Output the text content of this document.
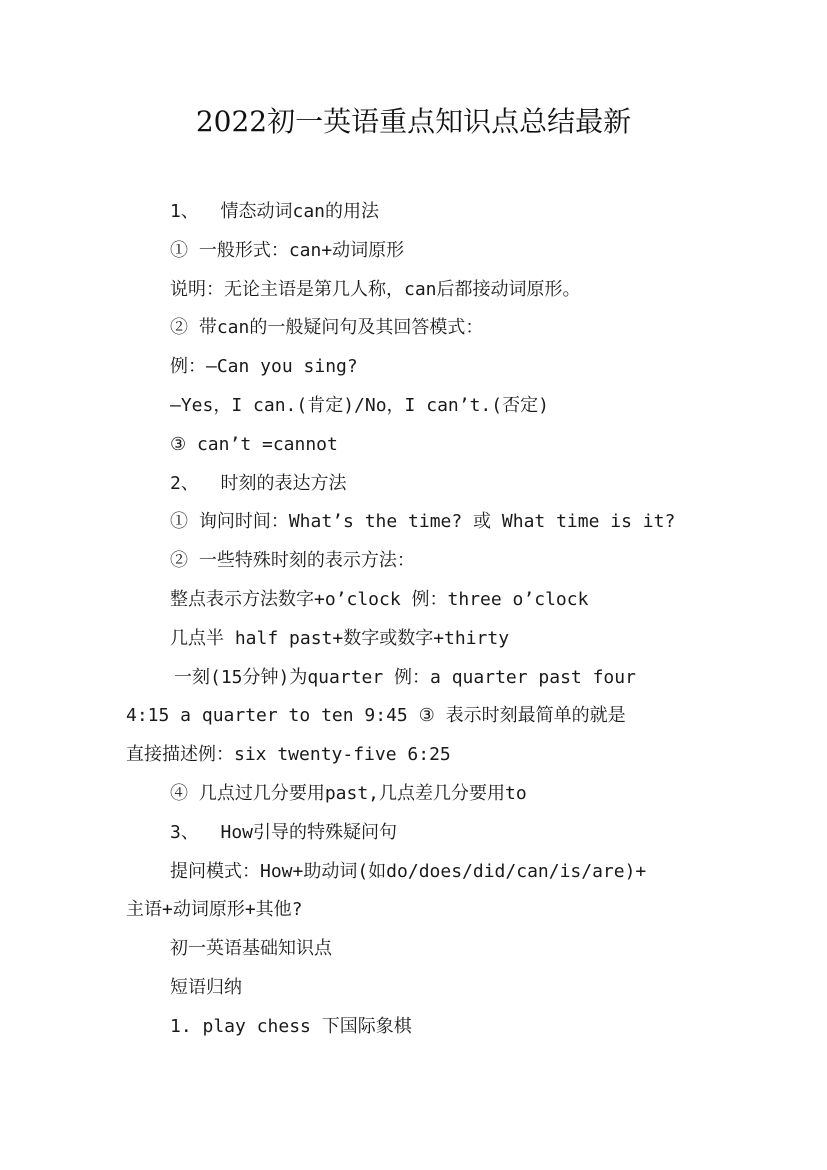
2022初一英语重点知识点总结最新
1、  情态动词can的用法
① 一般形式：can+动词原形
说明：无论主语是第几人称，can后都接动词原形。
② 带can的一般疑问句及其回答模式：
例：—Can you sing?
—Yes，I can.(肯定)/No，I can’t.(否定)
③ can’t =cannot
2、  时刻的表达方法
① 询问时间：What’s the time? 或 What time is it?
② 一些特殊时刻的表示方法：
整点表示方法数字+o’clock 例：three o’clock
几点半 half past+数字或数字+thirty
一刻(15分钟)为quarter 例：a quarter past four
4:15 a quarter to ten 9:45 ③ 表示时刻最简单的就是
直接描述例：six twenty-five 6:25
④ 几点过几分要用past,几点差几分要用to
3、  How引导的特殊疑问句
提问模式：How+助动词(如do/does/did/can/is/are)+
主语+动词原形+其他?
初一英语基础知识点
短语归纳
1. play chess 下国际象棋
